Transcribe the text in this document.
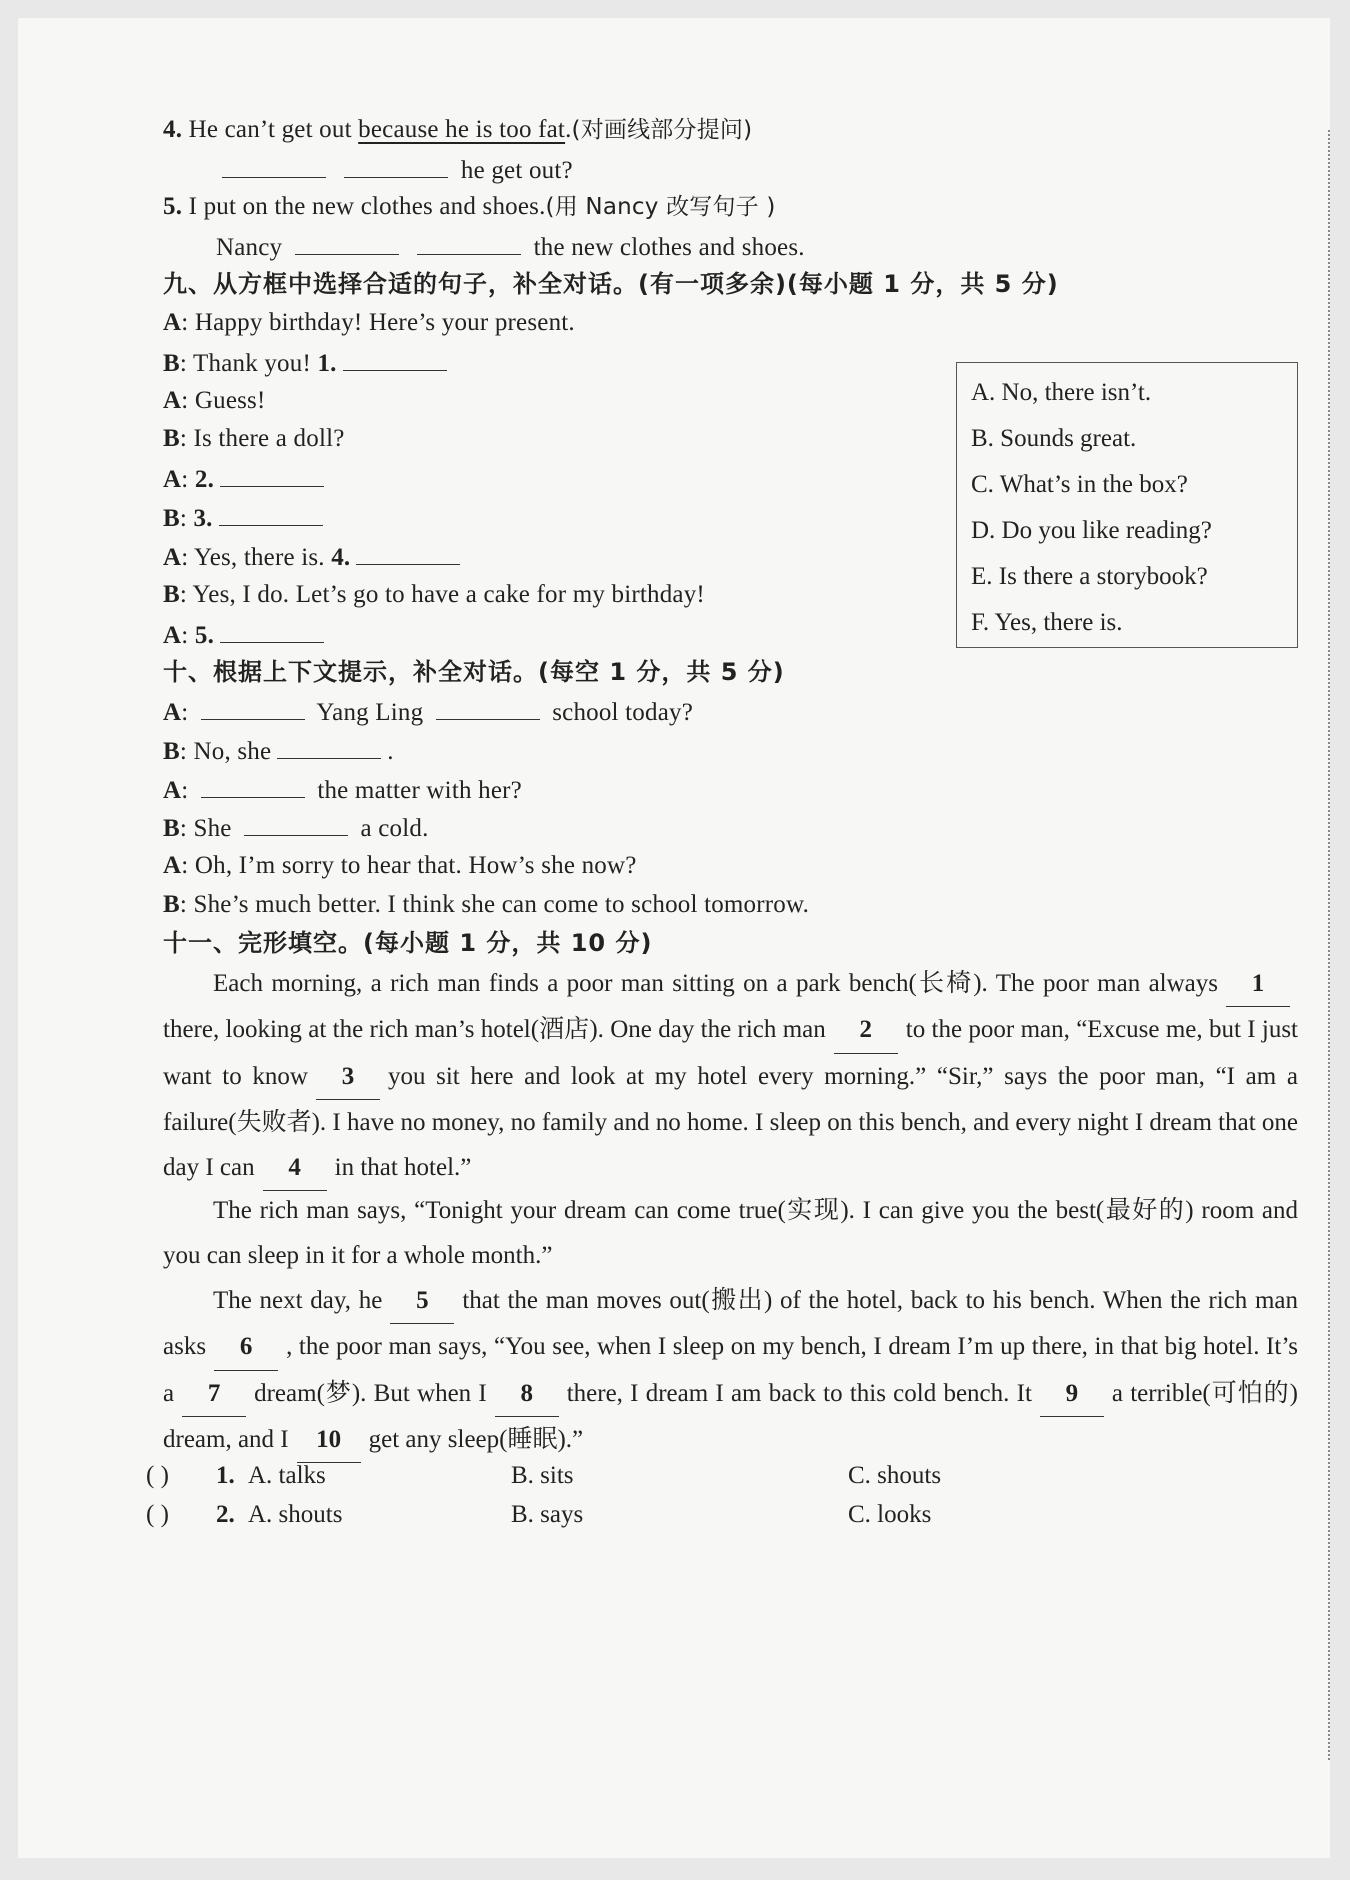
4. He can’t get out because he is too fat.(对画线部分提问)
he get out?
5. I put on the new clothes and shoes.(用 Nancy 改写句子 )
Nancy	the new clothes and shoes.
九、从方框中选择合适的句子，补全对话。(有一项多余)(每小题 1 分，共 5 分)
A: Happy birthday! Here’s your present.
B: Thank you! 1.
A: Guess!
B: Is there a doll?
A: 2.
B: 3.
A: Yes, there is. 4.
B: Yes, I do. Let’s go to have a cake for my birthday!
A: 5.
A. No, there isn’t.
B. Sounds great.
C. What’s in the box?
D. Do you like reading?
E. Is there a storybook?
F. Yes, there is.
十、根据上下文提示，补全对话。(每空 1 分，共 5 分)
A:	Yang Ling	school today?
B: No, she	.
A:	the matter with her?
B: She	a cold.
A: Oh, I’m sorry to hear that. How’s she now?
B: She’s much better. I think she can come to school tomorrow.
十一、完形填空。(每小题 1 分，共 10 分)
Each morning, a rich man finds a poor man sitting on a park bench(长椅). The poor man always 1there, looking at the rich man’s hotel(酒店). One day the rich man 2 to the poor man, “Excuse me, but I just want to know 3 you sit here and look at my hotel every morning.” “Sir,” says the poor man, “I am a failure(失败者). I have no money, no family and no home. I sleep on this bench, and every night I dream that one day I can 4 in that hotel.”
The rich man says, “Tonight your dream can come true(实现). I can give you the best(最好的) room and you can sleep in it for a whole month.”
The next day, he 5 that the man moves out(搬出) of the hotel, back to his bench. When the rich man asks 6 , the poor man says, “You see, when I sleep on my bench, I dream I’m up there, in that big hotel. It’s a 7 dream(梦). But when I 8 there, I dream I am back to this cold bench. It 9 a terrible(可怕的) dream, and I 10 get any sleep(睡眠).”
( ) 1. A. talks	B. sits	C. shouts
( ) 2. A. shouts	B. says	C. looks
